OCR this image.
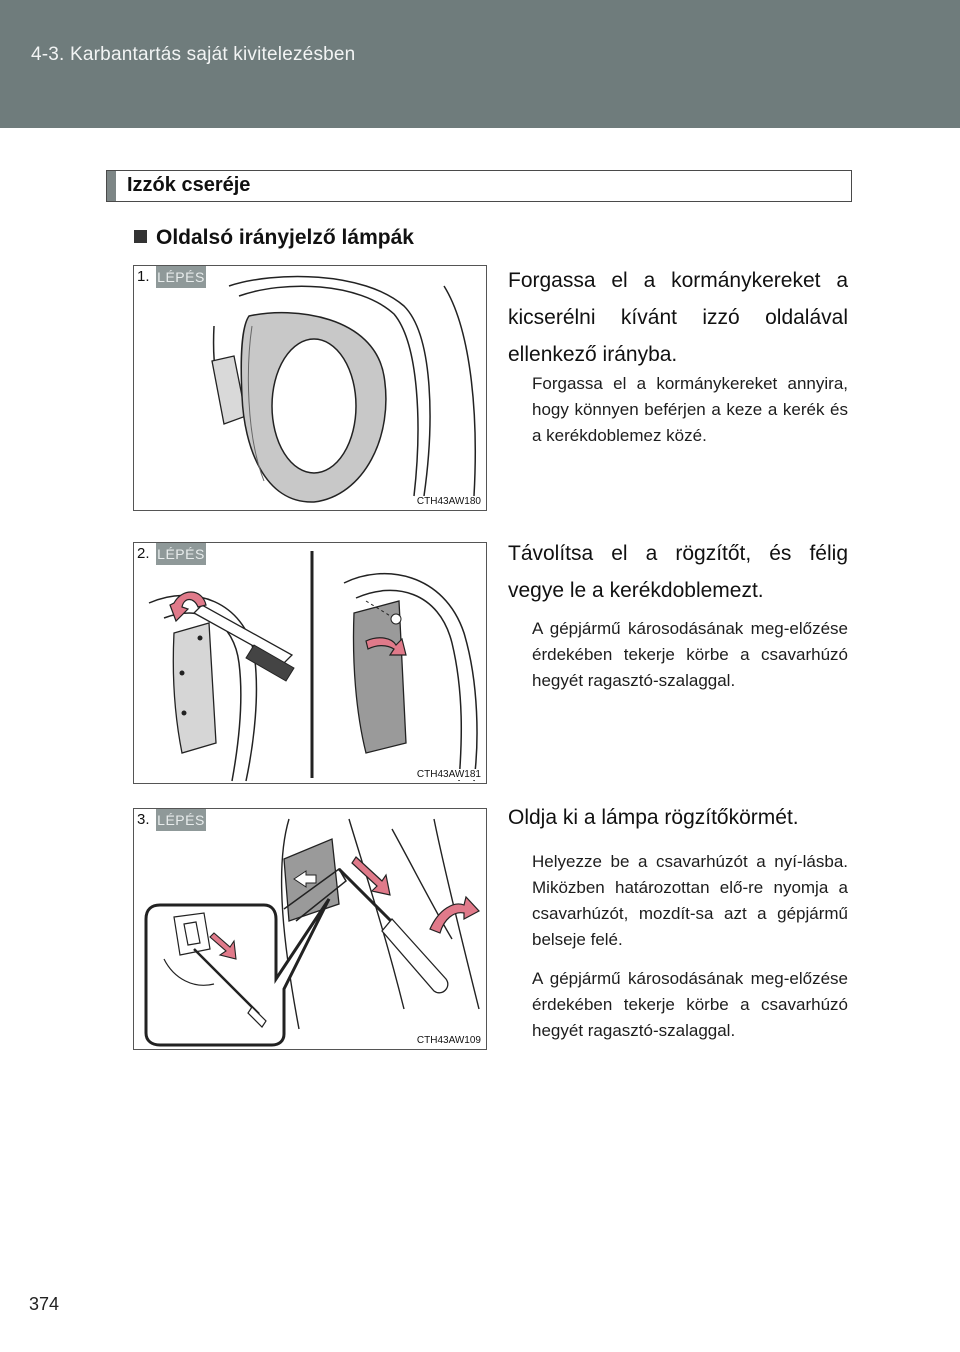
4-3. Karbantartás saját kivitelezésben
Izzók cseréje
Oldalsó irányjelző lámpák
1. LÉPÉS
CTH43AW180
Forgassa el a kormánykereket a kicserélni kívánt izzó oldalával ellenkező irányba.
Forgassa el a kormánykereket annyira, hogy könnyen beférjen a keze a kerék és a kerékdoblemez közé.
2. LÉPÉS
CTH43AW181
Távolítsa el a rögzítőt, és félig vegye le a kerékdoblemezt.
A gépjármű károsodásának meg-előzése érdekében tekerje körbe a csavarhúzó hegyét ragasztó-szalaggal.
3. LÉPÉS
CTH43AW109
Oldja ki a lámpa rögzítőkörmét.
Helyezze be a csavarhúzót a nyí-lásba. Miközben határozottan elő-re nyomja a csavarhúzót, mozdít-sa azt a gépjármű belseje felé.
A gépjármű károsodásának meg-előzése érdekében tekerje körbe a csavarhúzó hegyét ragasztó-szalaggal.
374
